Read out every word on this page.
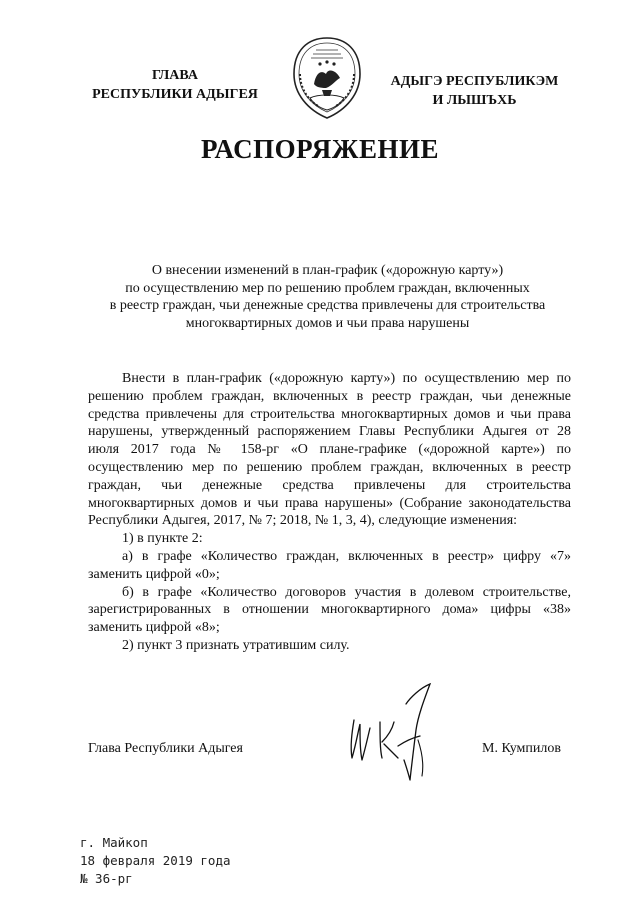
ГЛАВА
РЕСПУБЛИКИ АДЫГЕЯ
АДЫГЭ РЕСПУБЛИКЭМ
И ЛЫШЪХЬ
РАСПОРЯЖЕНИЕ
О внесении изменений в план-график («дорожную карту»)
по осуществлению мер по решению проблем граждан, включенных
в реестр граждан, чьи денежные средства привлечены для строительства
многоквартирных домов и чьи права нарушены

Внести в план-график («дорожную карту») по осуществлению мер по решению проблем граждан, включенных в реестр граждан, чьи денежные средства привлечены для строительства многоквартирных домов и чьи права нарушены, утвержденный распоряжением Главы Республики Адыгея от 28 июля 2017 года № 158-рг «О плане-графике («дорожной карте») по осуществлению мер по решению проблем граждан, включенных в реестр граждан, чьи денежные средства привлечены для строительства многоквартирных домов и чьи права нарушены» (Собрание законодательства Республики Адыгея, 2017, № 7; 2018, № 1, 3, 4), следующие изменения:

1) в пункте 2:

а) в графе «Количество граждан, включенных в реестр» цифру «7» заменить цифрой «0»;

б) в графе «Количество договоров участия в долевом строительстве, зарегистрированных в отношении многоквартирного дома» цифры «38» заменить цифрой «8»;

2) пункт 3 признать утратившим силу.

Глава Республики Адыгея	М. Кумпилов
г. Майкоп
18 февраля 2019 года
№ 36-рг
